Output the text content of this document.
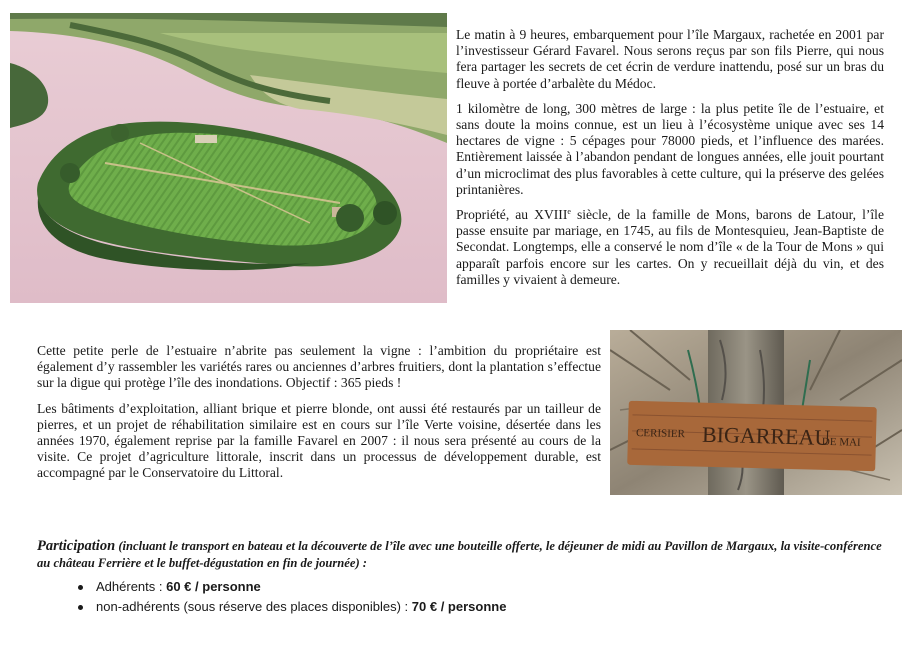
Le matin à 9 heures, embarquement pour l’île Margaux, rachetée en 2001 par l’investisseur Gérard Favarel. Nous serons reçus par son fils Pierre, qui nous fera partager les secrets de cet écrin de verdure inattendu, posé sur un bras du fleuve à portée d’arbalète du Médoc.

1 kilomètre de long, 300 mètres de large : la plus petite île de l’estuaire, et sans doute la moins connue, est un lieu à l’écosystème unique avec ses 14 hectares de vigne : 5 cépages pour 78000 pieds, et l’influence des marées. Entièrement laissée à l’abandon pendant de longues années, elle jouit pourtant d’un microclimat des plus favorables à cette culture, qui la préserve des gelées printanières.

Propriété, au XVIIIe siècle, de la famille de Mons, barons de Latour, l’île passe ensuite par mariage, en 1745, au fils de Montesquieu, Jean-Baptiste de Secondat. Longtemps, elle a conservé le nom d’île « de la Tour de Mons » qui apparaît parfois encore sur les cartes. On y recueillait déjà du vin, et des familles y vivaient à demeure.

Cette petite perle de l’estuaire n’abrite pas seulement la vigne : l’ambition du propriétaire est également d’y rassembler les variétés rares ou anciennes d’arbres fruitiers, dont la plantation s’effectue sur la digue qui protège l’île des inondations. Objectif : 365 pieds !

Les bâtiments d’exploitation, alliant brique et pierre blonde, ont aussi été restaurés par un tailleur de pierres, et un projet de réhabilitation similaire est en cours sur l’île Verte voisine, désertée dans les années 1970, également reprise par la famille Favarel en 2007 : il nous sera présenté au cours de la visite. Ce projet d’agriculture littorale, inscrit dans un processus de développement durable, est accompagné par le Conservatoire du Littoral.

CERISIER BIGARREAU
DE MAI
Participation (incluant le transport en bateau et la découverte de l’île avec une bouteille offerte, le déjeuner de midi au Pavillon de Margaux, la visite-conférence au château Ferrière et le buffet-dégustation en fin de journée) :
Adhérents : 60 € / personne
non-adhérents (sous réserve des places disponibles) : 70 € / personne
